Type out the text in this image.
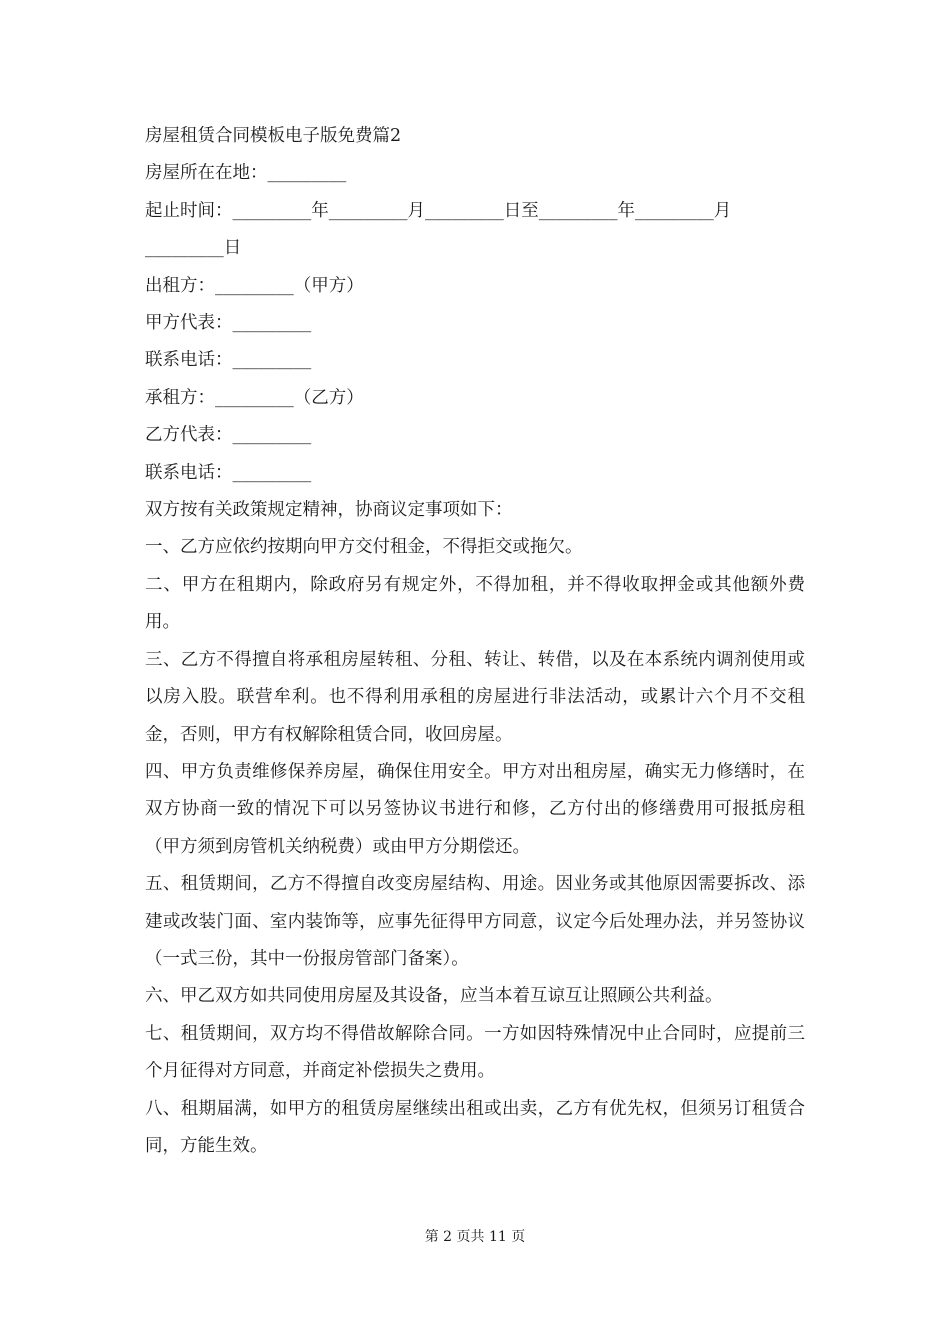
房屋租赁合同模板电子版免费篇2
房屋所在在地：_________
起止时间：_________年_________月_________日至_________年_________月
_________日
出租方：_________（甲方）
甲方代表：_________
联系电话：_________
承租方：_________（乙方）
乙方代表：_________
联系电话：_________
双方按有关政策规定精神，协商议定事项如下：
一、乙方应依约按期向甲方交付租金，不得拒交或拖欠。
二、甲方在租期内，除政府另有规定外，不得加租，并不得收取押金或其他额外费用。
三、乙方不得擅自将承租房屋转租、分租、转让、转借，以及在本系统内调剂使用或以房入股。联营牟利。也不得利用承租的房屋进行非法活动，或累计六个月不交租金，否则，甲方有权解除租赁合同，收回房屋。
四、甲方负责维修保养房屋，确保住用安全。甲方对出租房屋，确实无力修缮时，在双方协商一致的情况下可以另签协议书进行和修，乙方付出的修缮费用可报抵房租（甲方须到房管机关纳税费）或由甲方分期偿还。
五、租赁期间，乙方不得擅自改变房屋结构、用途。因业务或其他原因需要拆改、添建或改装门面、室内装饰等，应事先征得甲方同意，议定今后处理办法，并另签协议（一式三份，其中一份报房管部门备案）。
六、甲乙双方如共同使用房屋及其设备，应当本着互谅互让照顾公共利益。
七、租赁期间，双方均不得借故解除合同。一方如因特殊情况中止合同时，应提前三个月征得对方同意，并商定补偿损失之费用。
八、租期届满，如甲方的租赁房屋继续出租或出卖，乙方有优先权，但须另订租赁合同，方能生效。
第 2 页共 11 页
